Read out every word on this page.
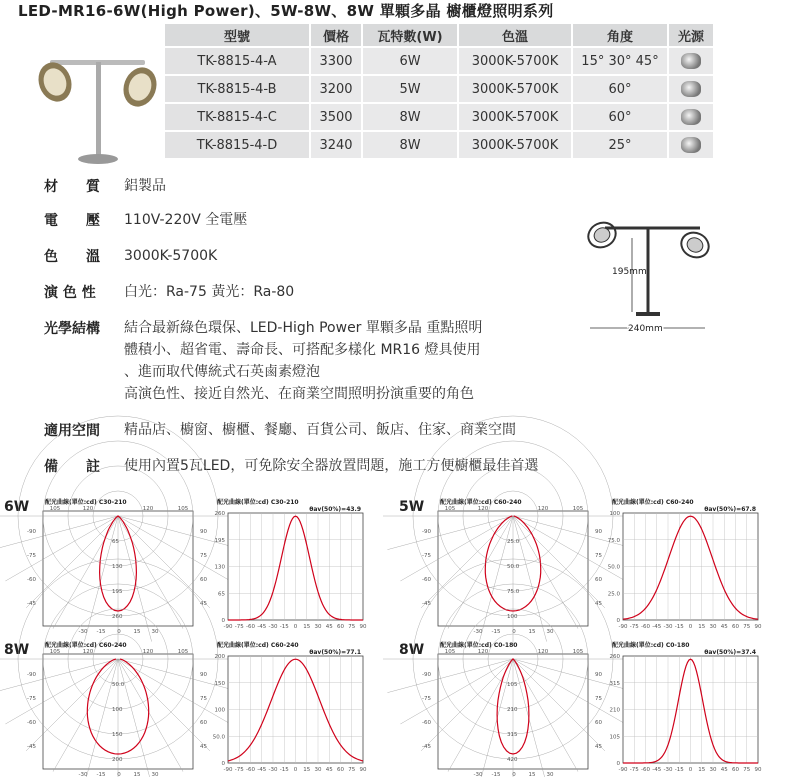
LED-MR16-6W(High Power)、5W-8W、8W 單顆多晶 櫥櫃燈照明系列
型號	價格	瓦特數(W)	色溫	角度	光源
TK-8815-4-A	3300	6W	3000K-5700K	15° 30° 45°	
TK-8815-4-B	3200	5W	3000K-5700K	60°	
TK-8815-4-C	3500	8W	3000K-5700K	60°	
TK-8815-4-D	3240	8W	3000K-5700K	25°	
材　　質 鋁製品
電　　壓 110V-220V 全電壓
色　　溫 3000K-5700K
演 色 性 白光：Ra-75 黃光：Ra-80
光學結構 結合最新綠色環保、LED-High Power 單顆多晶 重點照明
體積小、超省電、壽命長、可搭配多樣化 MR16 燈具使用
、進而取代傳統式石英鹵素燈泡
高演色性、接近自然光、在商業空間照明扮演重要的角色
適用空間 精品店、櫥窗、櫥櫃、餐廳、百貨公司、飯店、住家、商業空間
備　　註 使用內置5瓦LED，可免除安全器放置問題，施工方便櫥櫃最佳首選
195mm
240mm
6W	配光曲線(單位:cd) C30-210
65
130
195
260
105	120	120	105
-90
-75
-60
-45
90
75
60
45
-30 -15 0 15 30
配光曲線(單位:cd) C30-210
θav(50%)=43.9
260
195
130
65
0
-90 -75 -60 -45 -30 -15 0 15 30 45 60 75 90
5W	配光曲線(單位:cd) C60-240
25.0
50.0
75.0
100
105	120	120	105
-90
-75
-60
-45
90
75
60
45
-30 -15 0 15 30
配光曲線(單位:cd) C60-240
θav(50%)=67.8
100
75.0
50.0
25.0
0
-90 -75 -60 -45 -30 -15 0 15 30 45 60 75 90
8W	配光曲線(單位:cd) C60-240
50.0
100
150
200
105	120	120	105
-90
-75
-60
-45
90
75
60
45
-30 -15 0 15 30
配光曲線(單位:cd) C60-240
θav(50%)=77.1
200
150
100
50.0
0
-90 -75 -60 -45 -30 -15 0 15 30 45 60 75 90
8W	配光曲線(單位:cd) C0-180
105
210
315
420
105	120	120	105
-90
-75
-60
-45
90
75
60
45
-30 -15 0 15 30
配光曲線(單位:cd) C0-180
θav(50%)=37.4
260
315
210
105
0
-90 -75 -60 -45 -30 -15 0 15 30 45 60 75 90
